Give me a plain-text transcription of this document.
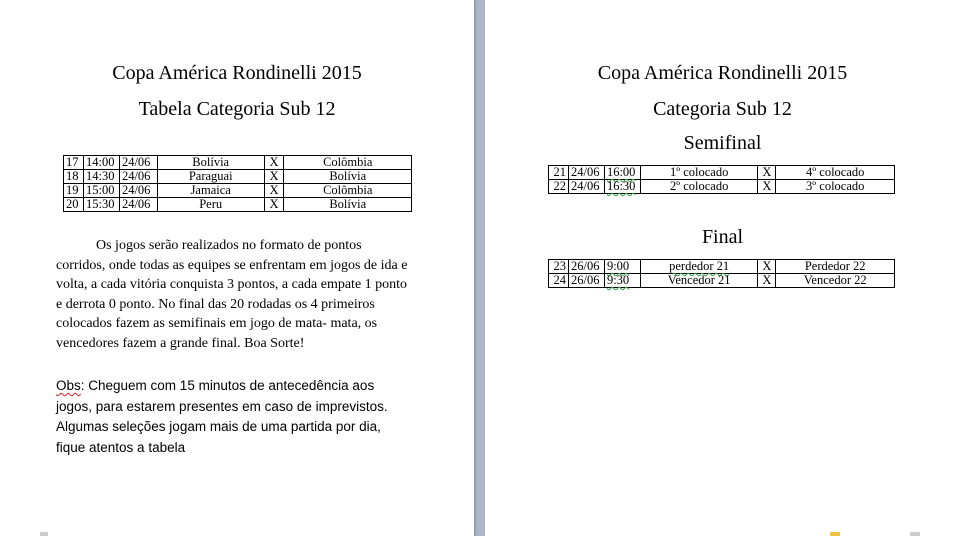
Copa América Rondinelli 2015
Tabela Categoria Sub 12
17	14:00	24/06	Bolívia	X	Colômbia
18	14:30	24/06	Paraguai	X	Bolívia
19	15:00	24/06	Jamaica	X	Colômbia
20	15:30	24/06	Peru	X	Bolívia
Os jogos serão realizados no formato de pontos corridos, onde todas as equipes se enfrentam em jogos de ida e volta, a cada vitória conquista 3 pontos, a cada empate 1 ponto e derrota 0 ponto. No final das 20 rodadas os 4 primeiros colocados fazem as semifinais em jogo de mata- mata, os vencedores fazem a grande final. Boa Sorte!
Obs: Cheguem com 15 minutos de antecedência aos jogos, para estarem presentes em caso de imprevistos. Algumas seleções jogam mais de uma partida por dia, fique atentos a tabela
Copa América Rondinelli 2015
Categoria Sub 12
Semifinal
21	24/06	16:00	1º colocado	X	4º colocado
22	24/06	16:30	2º colocado	X	3º colocado
Final
23	26/06	9:00	perdedor 21	X	Perdedor 22
24	26/06	9:30	Vencedor 21	X	Vencedor 22
